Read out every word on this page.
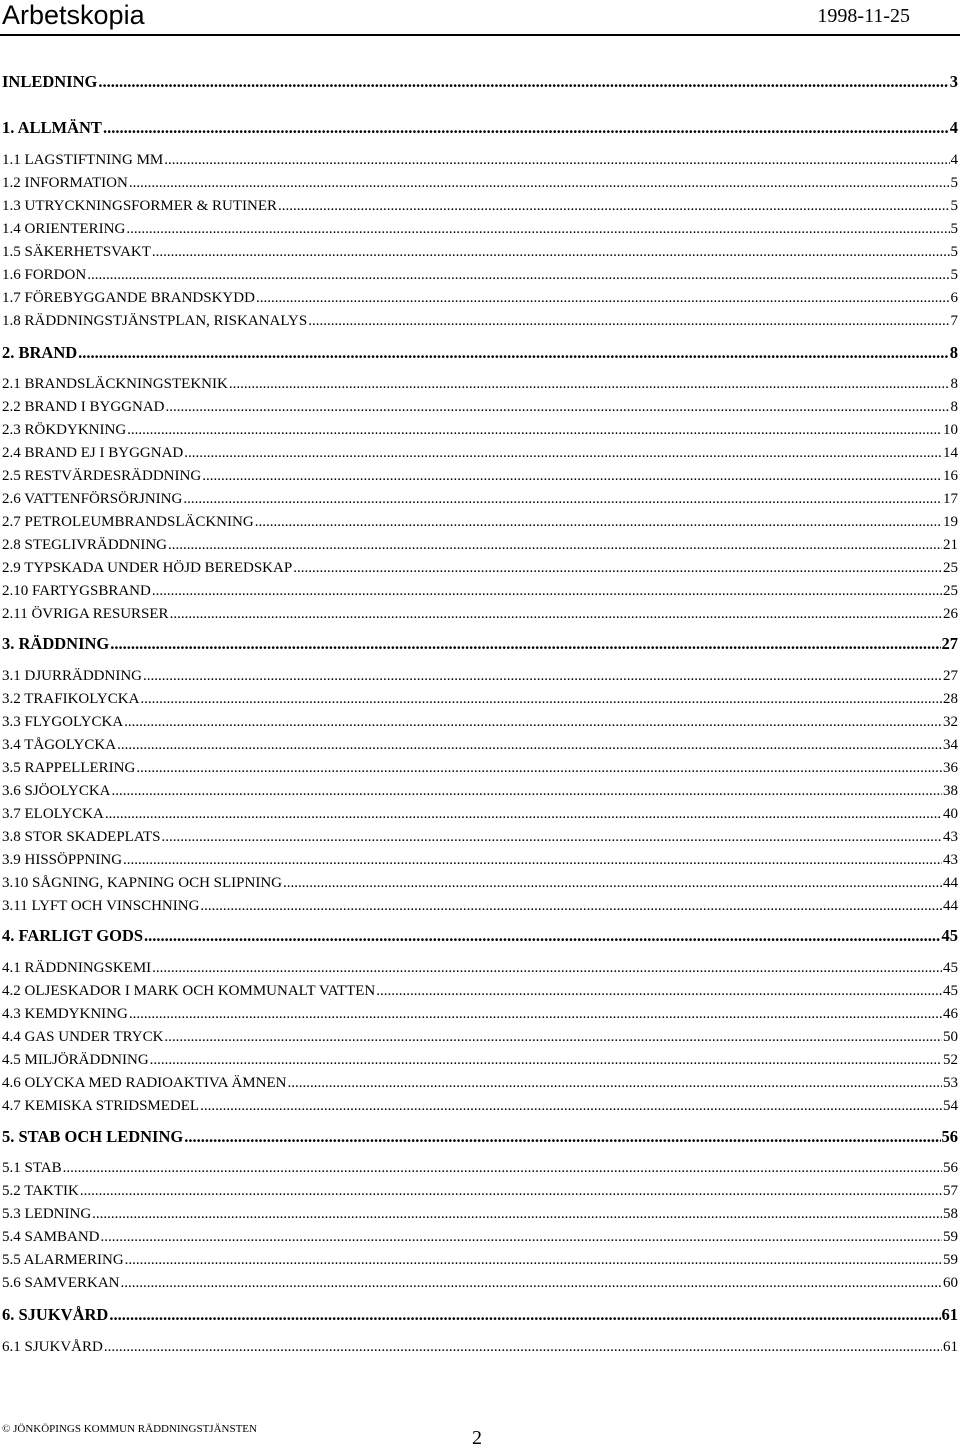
Arbetskopia	1998-11-25
INLEDNING .....	3
1. ALLMÄNT .....	4
1.1 LAGSTIFTNING MM .....	4
1.2 INFORMATION .....	5
1.3 UTRYCKNINGSFORMER & RUTINER .....	5
1.4 ORIENTERING .....	5
1.5 SÄKERHETSVAKT .....	5
1.6 FORDON .....	5
1.7 FÖREBYGGANDE BRANDSKYDD .....	6
1.8 RÄDDNINGSTJÄNSTPLAN, RISKANALYS .....	7
2. BRAND .....	8
2.1 BRANDSLÄCKNINGSTEKNIK .....	8
2.2 BRAND I BYGGNAD .....	8
2.3 RÖKDYKNING .....	10
2.4 BRAND EJ I BYGGNAD .....	14
2.5 RESTVÄRDESRÄDDNING .....	16
2.6 VATTENFÖRSÖRJNING .....	17
2.7 PETROLEUMBRANDSLÄCKNING .....	19
2.8 STEGLIVRÄDDNING .....	21
2.9 TYPSKADA UNDER HÖJD BEREDSKAP .....	25
2.10 FARTYGSBRAND .....	25
2.11 ÖVRIGA RESURSER .....	26
3. RÄDDNING .....	27
3.1 DJURRÄDDNING .....	27
3.2 TRAFIKOLYCKA .....	28
3.3 FLYGOLYCKA .....	32
3.4 TÅGOLYCKA .....	34
3.5 RAPPELLERING .....	36
3.6 SJÖOLYCKA .....	38
3.7 ELOLYCKA .....	40
3.8 STOR SKADEPLATS .....	43
3.9 HISSÖPPNING .....	43
3.10 SÅGNING, KAPNING OCH SLIPNING .....	44
3.11 LYFT OCH VINSCHNING .....	44
4. FARLIGT GODS .....	45
4.1 RÄDDNINGSKEMI .....	45
4.2 OLJESKADOR I MARK OCH KOMMUNALT VATTEN .....	45
4.3 KEMDYKNING .....	46
4.4 GAS UNDER TRYCK .....	50
4.5 MILJÖRÄDDNING .....	52
4.6 OLYCKA MED RADIOAKTIVA ÄMNEN .....	53
4.7 KEMISKA STRIDSMEDEL .....	54
5. STAB OCH LEDNING .....	56
5.1 STAB .....	56
5.2 TAKTIK .....	57
5.3 LEDNING .....	58
5.4 SAMBAND .....	59
5.5 ALARMERING .....	59
5.6 SAMVERKAN .....	60
6. SJUKVÅRD .....	61
6.1 SJUKVÅRD .....	61
© JÖNKÖPINGS KOMMUN RÄDDNINGSTJÄNSTEN	2
